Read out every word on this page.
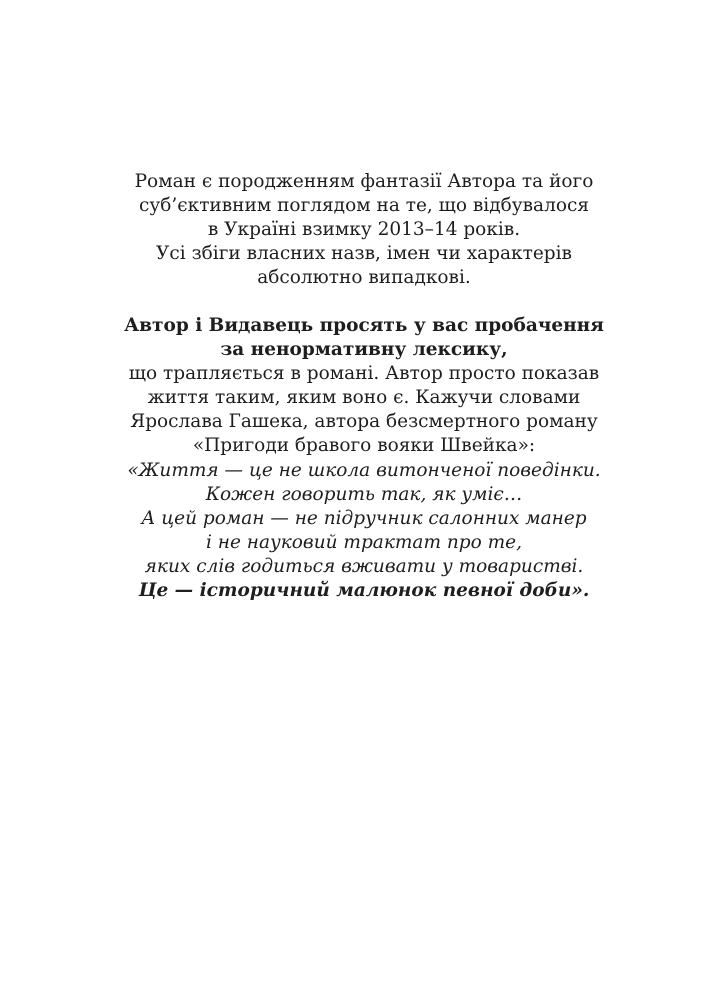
Роман є породженням фантазії Автора та його
суб’єктивним поглядом на те, що відбувалося
в Україні взимку 2013–14 років.
Усі збіги власних назв, імен чи характерів
абсолютно випадкові.
Автор і Видавець просять у вас пробачення
за ненормативну лексику,
що трапляється в романі. Автор просто показав
життя таким, яким воно є. Кажучи словами
Ярослава Гашека, автора безсмертного роману
«Пригоди бравого вояки Швейка»:
«Життя — це не школа витонченої поведінки.
Кожен говорить так, як уміє…
А цей роман — не підручник салонних манер
і не науковий трактат про те,
яких слів годиться вживати у товаристві.
Це — історичний малюнок певної доби».
